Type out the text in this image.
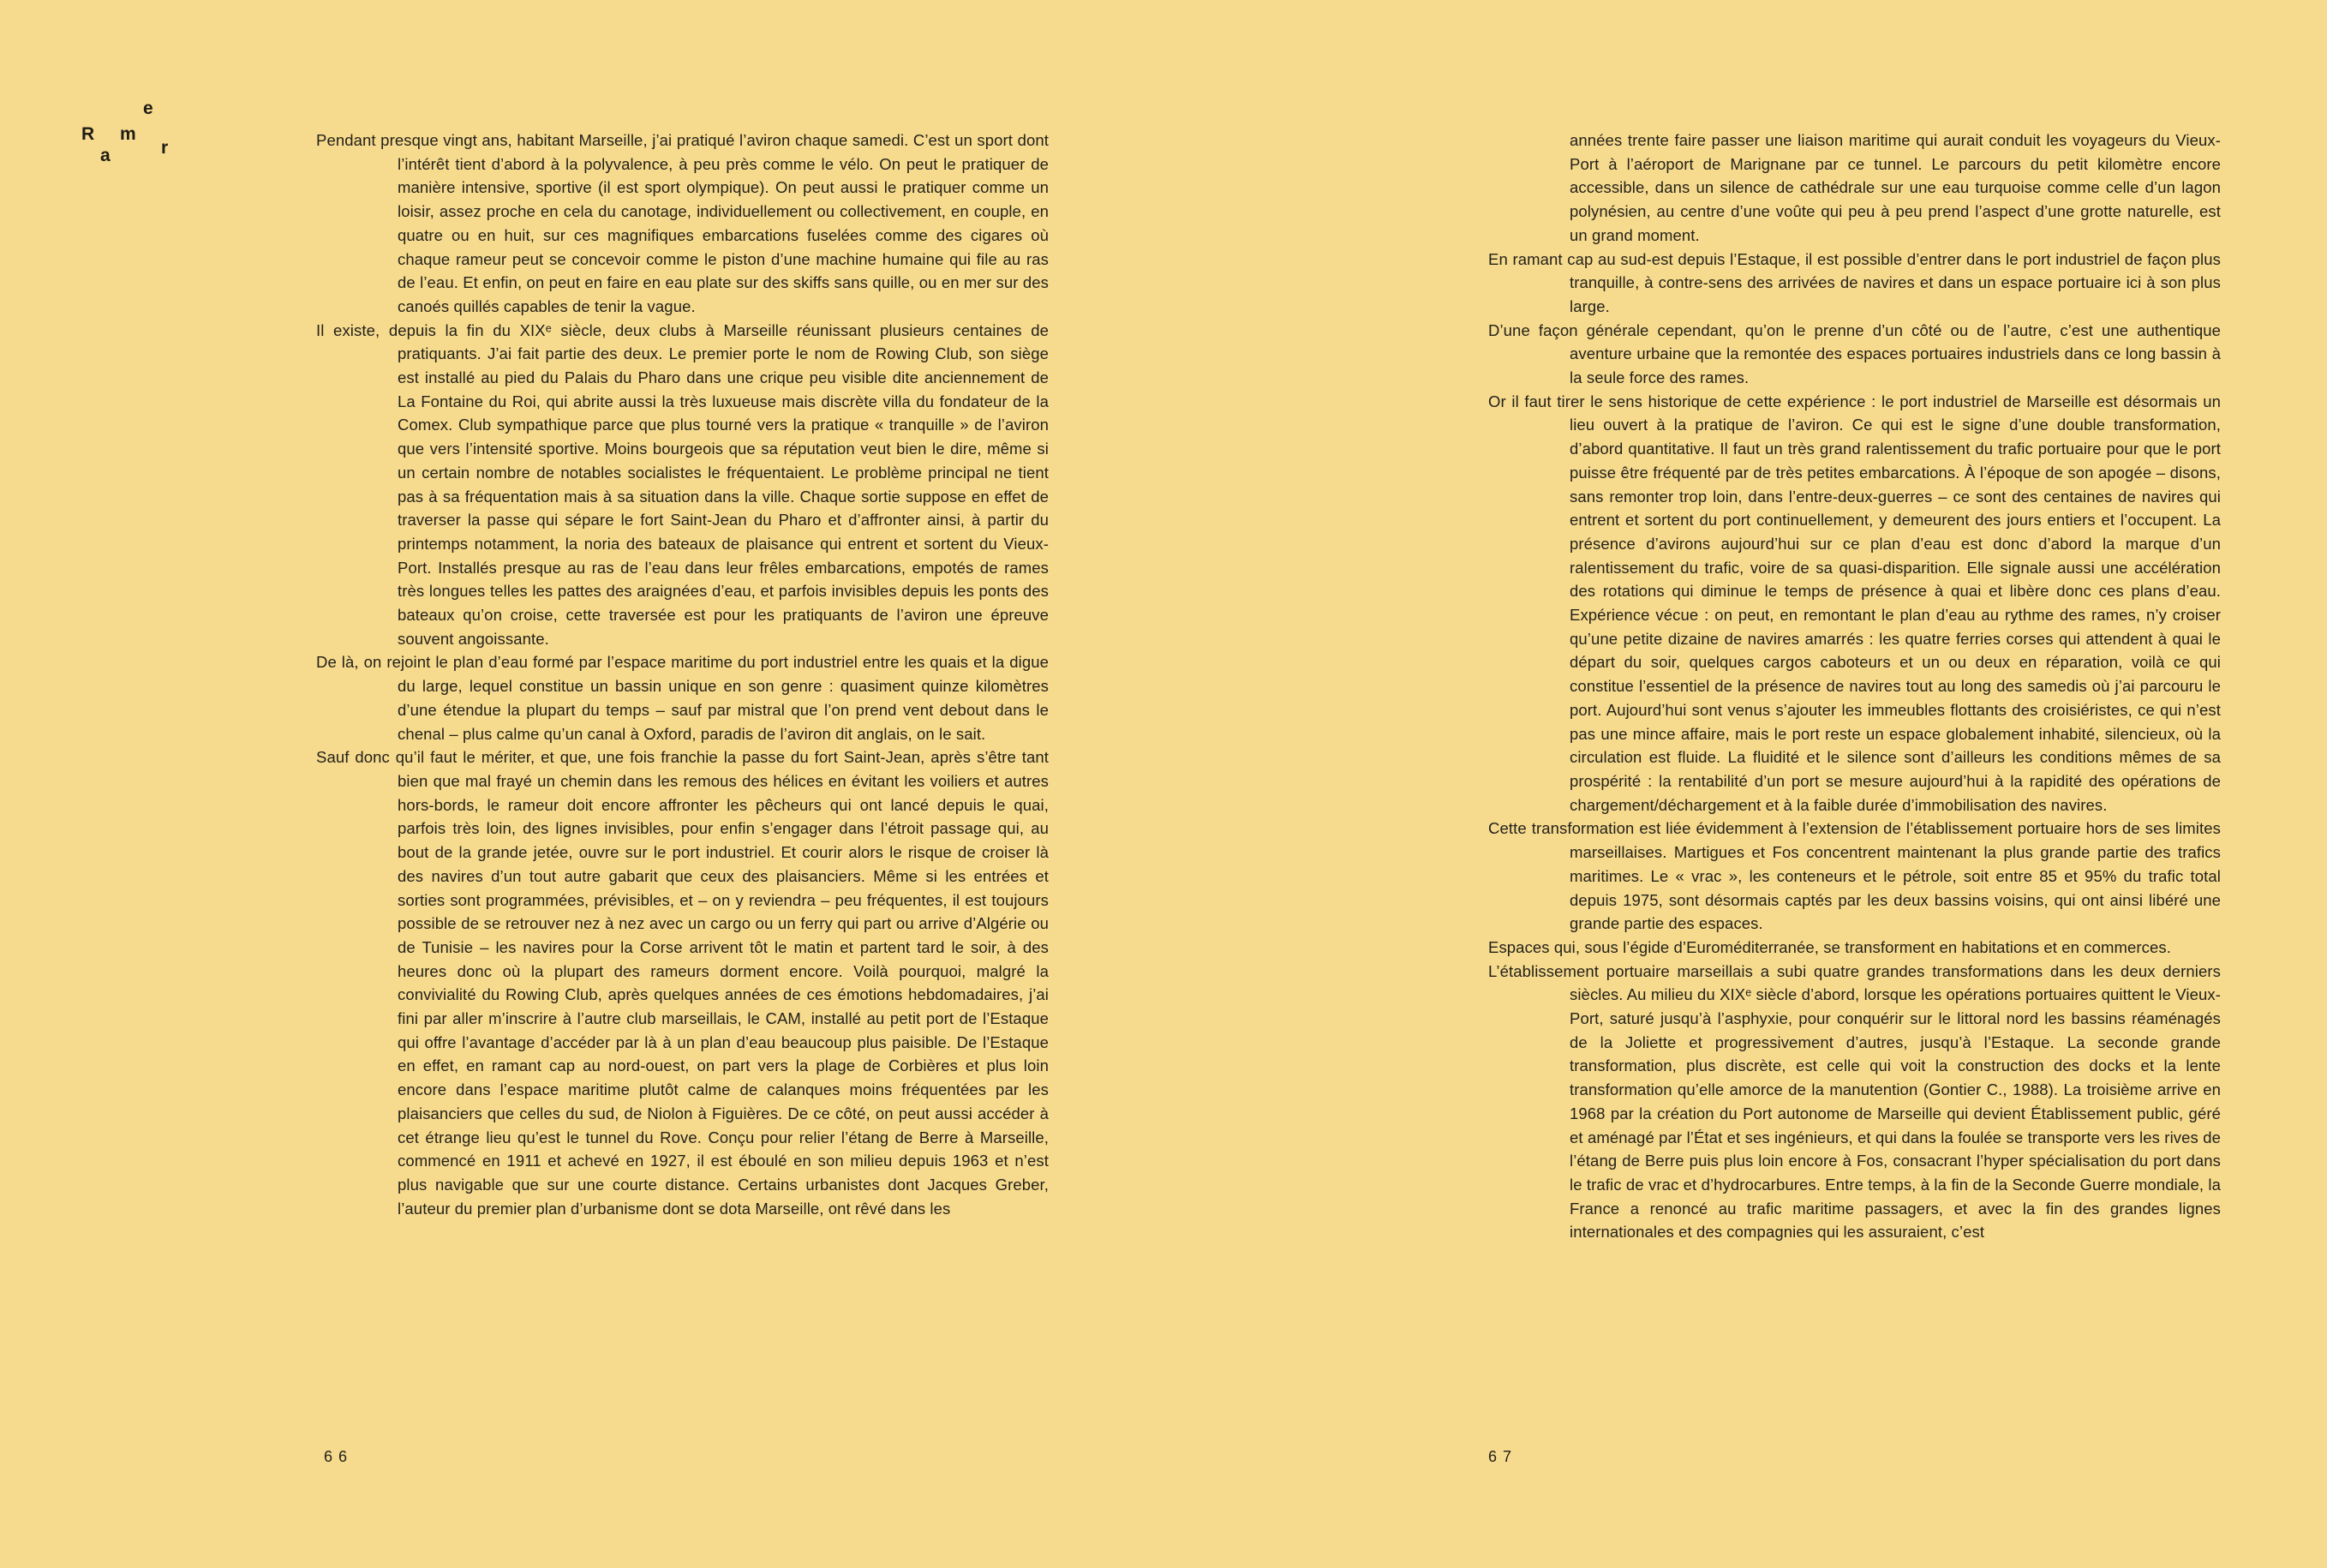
R
a
m
e
r	Pendant presque vingt ans, habitant Marseille, j’ai pratiqué l’aviron chaque samedi. C’est un sport dont l’intérêt tient d’abord à la polyvalence, à peu près comme le vélo. On peut le pratiquer de manière intensive, sportive (il est sport olympique). On peut aussi le pratiquer comme un loisir, assez proche en cela du canotage, individuellement ou collectivement, en couple, en quatre ou en huit, sur ces magnifiques embarcations fuselées comme des cigares où chaque rameur peut se concevoir comme le piston d’une machine humaine qui file au ras de l’eau. Et enfin, on peut en faire en eau plate sur des skiffs sans quille, ou en mer sur des canoés quillés capables de tenir la vague.

Il existe, depuis la fin du XIXᵉ siècle, deux clubs à Marseille réunissant plusieurs centaines de pratiquants. J’ai fait partie des deux. Le premier porte le nom de Rowing Club, son siège est installé au pied du Palais du Pharo dans une crique peu visible dite anciennement de La Fontaine du Roi, qui abrite aussi la très luxueuse mais discrète villa du fondateur de la Comex. Club sympathique parce que plus tourné vers la pratique « tranquille » de l’aviron que vers l’intensité sportive. Moins bourgeois que sa réputation veut bien le dire, même si un certain nombre de notables socialistes le fréquentaient. Le problème principal ne tient pas à sa fréquentation mais à sa situation dans la ville. Chaque sortie suppose en effet de traverser la passe qui sépare le fort Saint-Jean du Pharo et d’affronter ainsi, à partir du printemps notamment, la noria des bateaux de plaisance qui entrent et sortent du Vieux-Port. Installés presque au ras de l’eau dans leur frêles embarcations, empotés de rames très longues telles les pattes des araignées d’eau, et parfois invisibles depuis les ponts des bateaux qu’on croise, cette traversée est pour les pratiquants de l’aviron une épreuve souvent angoissante.

De là, on rejoint le plan d’eau formé par l’espace maritime du port industriel entre les quais et la digue du large, lequel constitue un bassin unique en son genre : quasiment quinze kilomètres d’une étendue la plupart du temps – sauf par mistral que l’on prend vent debout dans le chenal – plus calme qu’un canal à Oxford, paradis de l’aviron dit anglais, on le sait.

Sauf donc qu’il faut le mériter, et que, une fois franchie la passe du fort Saint-Jean, après s’être tant bien que mal frayé un chemin dans les remous des hélices en évitant les voiliers et autres hors-bords, le rameur doit encore affronter les pêcheurs qui ont lancé depuis le quai, parfois très loin, des lignes invisibles, pour enfin s’engager dans l’étroit passage qui, au bout de la grande jetée, ouvre sur le port industriel. Et courir alors le risque de croiser là des navires d’un tout autre gabarit que ceux des plaisanciers. Même si les entrées et sorties sont programmées, prévisibles, et – on y reviendra – peu fréquentes, il est toujours possible de se retrouver nez à nez avec un cargo ou un ferry qui part ou arrive d’Algérie ou de Tunisie – les navires pour la Corse arrivent tôt le matin et partent tard le soir, à des heures donc où la plupart des rameurs dorment encore. Voilà pourquoi, malgré la convivialité du Rowing Club, après quelques années de ces émotions hebdomadaires, j’ai fini par aller m’inscrire à l’autre club marseillais, le CAM, installé au petit port de l’Estaque qui offre l’avantage d’accéder par là à un plan d’eau beaucoup plus paisible. De l’Estaque en effet, en ramant cap au nord-ouest, on part vers la plage de Corbières et plus loin encore dans l’espace maritime plutôt calme de calanques moins fréquentées par les plaisanciers que celles du sud, de Niolon à Figuières. De ce côté, on peut aussi accéder à cet étrange lieu qu’est le tunnel du Rove. Conçu pour relier l’étang de Berre à Marseille, commencé en 1911 et achevé en 1927, il est éboulé en son milieu depuis 1963 et n’est plus navigable que sur une courte distance. Certains urbanistes dont Jacques Greber, l’auteur du premier plan d’urbanisme dont se dota Marseille, ont rêvé dans les

années trente faire passer une liaison maritime qui aurait conduit les voyageurs du Vieux-Port à l’aéroport de Marignane par ce tunnel. Le parcours du petit kilomètre encore accessible, dans un silence de cathédrale sur une eau turquoise comme celle d’un lagon polynésien, au centre d’une voûte qui peu à peu prend l’aspect d’une grotte naturelle, est un grand moment.

En ramant cap au sud-est depuis l’Estaque, il est possible d’entrer dans le port industriel de façon plus tranquille, à contre-sens des arrivées de navires et dans un espace portuaire ici à son plus large.

D’une façon générale cependant, qu’on le prenne d’un côté ou de l’autre, c’est une authentique aventure urbaine que la remontée des espaces portuaires industriels dans ce long bassin à la seule force des rames.

Or il faut tirer le sens historique de cette expérience : le port industriel de Marseille est désormais un lieu ouvert à la pratique de l’aviron. Ce qui est le signe d’une double transformation, d’abord quantitative. Il faut un très grand ralentissement du trafic portuaire pour que le port puisse être fréquenté par de très petites embarcations. À l’époque de son apogée – disons, sans remonter trop loin, dans l’entre-deux-guerres – ce sont des centaines de navires qui entrent et sortent du port continuellement, y demeurent des jours entiers et l’occupent. La présence d’avirons aujourd’hui sur ce plan d’eau est donc d’abord la marque d’un ralentissement du trafic, voire de sa quasi-disparition. Elle signale aussi une accélération des rotations qui diminue le temps de présence à quai et libère donc ces plans d’eau. Expérience vécue : on peut, en remontant le plan d’eau au rythme des rames, n’y croiser qu’une petite dizaine de navires amarrés : les quatre ferries corses qui attendent à quai le départ du soir, quelques cargos caboteurs et un ou deux en réparation, voilà ce qui constitue l’essentiel de la présence de navires tout au long des samedis où j’ai parcouru le port. Aujourd’hui sont venus s’ajouter les immeubles flottants des croisiéristes, ce qui n’est pas une mince affaire, mais le port reste un espace globalement inhabité, silencieux, où la circulation est fluide. La fluidité et le silence sont d’ailleurs les conditions mêmes de sa prospérité : la rentabilité d’un port se mesure aujourd’hui à la rapidité des opérations de chargement/déchargement et à la faible durée d’immobilisation des navires.

Cette transformation est liée évidemment à l’extension de l’établissement portuaire hors de ses limites marseillaises. Martigues et Fos concentrent maintenant la plus grande partie des trafics maritimes. Le « vrac », les conteneurs et le pétrole, soit entre 85 et 95% du trafic total depuis 1975, sont désormais captés par les deux bassins voisins, qui ont ainsi libéré une grande partie des espaces.

Espaces qui, sous l’égide d’Euroméditerranée, se transforment en habitations et en commerces.

L’établissement portuaire marseillais a subi quatre grandes transformations dans les deux derniers siècles. Au milieu du XIXᵉ siècle d’abord, lorsque les opérations portuaires quittent le Vieux-Port, saturé jusqu’à l’asphyxie, pour conquérir sur le littoral nord les bassins réaménagés de la Joliette et progressivement d’autres, jusqu’à l’Estaque. La seconde grande transformation, plus discrète, est celle qui voit la construction des docks et la lente transformation qu’elle amorce de la manutention (Gontier C., 1988). La troisième arrive en 1968 par la création du Port autonome de Marseille qui devient Établissement public, géré et aménagé par l’État et ses ingénieurs, et qui dans la foulée se transporte vers les rives de l’étang de Berre puis plus loin encore à Fos, consacrant l’hyper spécialisation du port dans le trafic de vrac et d’hydrocarbures. Entre temps, à la fin de la Seconde Guerre mondiale, la France a renoncé au trafic maritime passagers, et avec la fin des grandes lignes internationales et des compagnies qui les assuraient, c’est

6 6	6 7
